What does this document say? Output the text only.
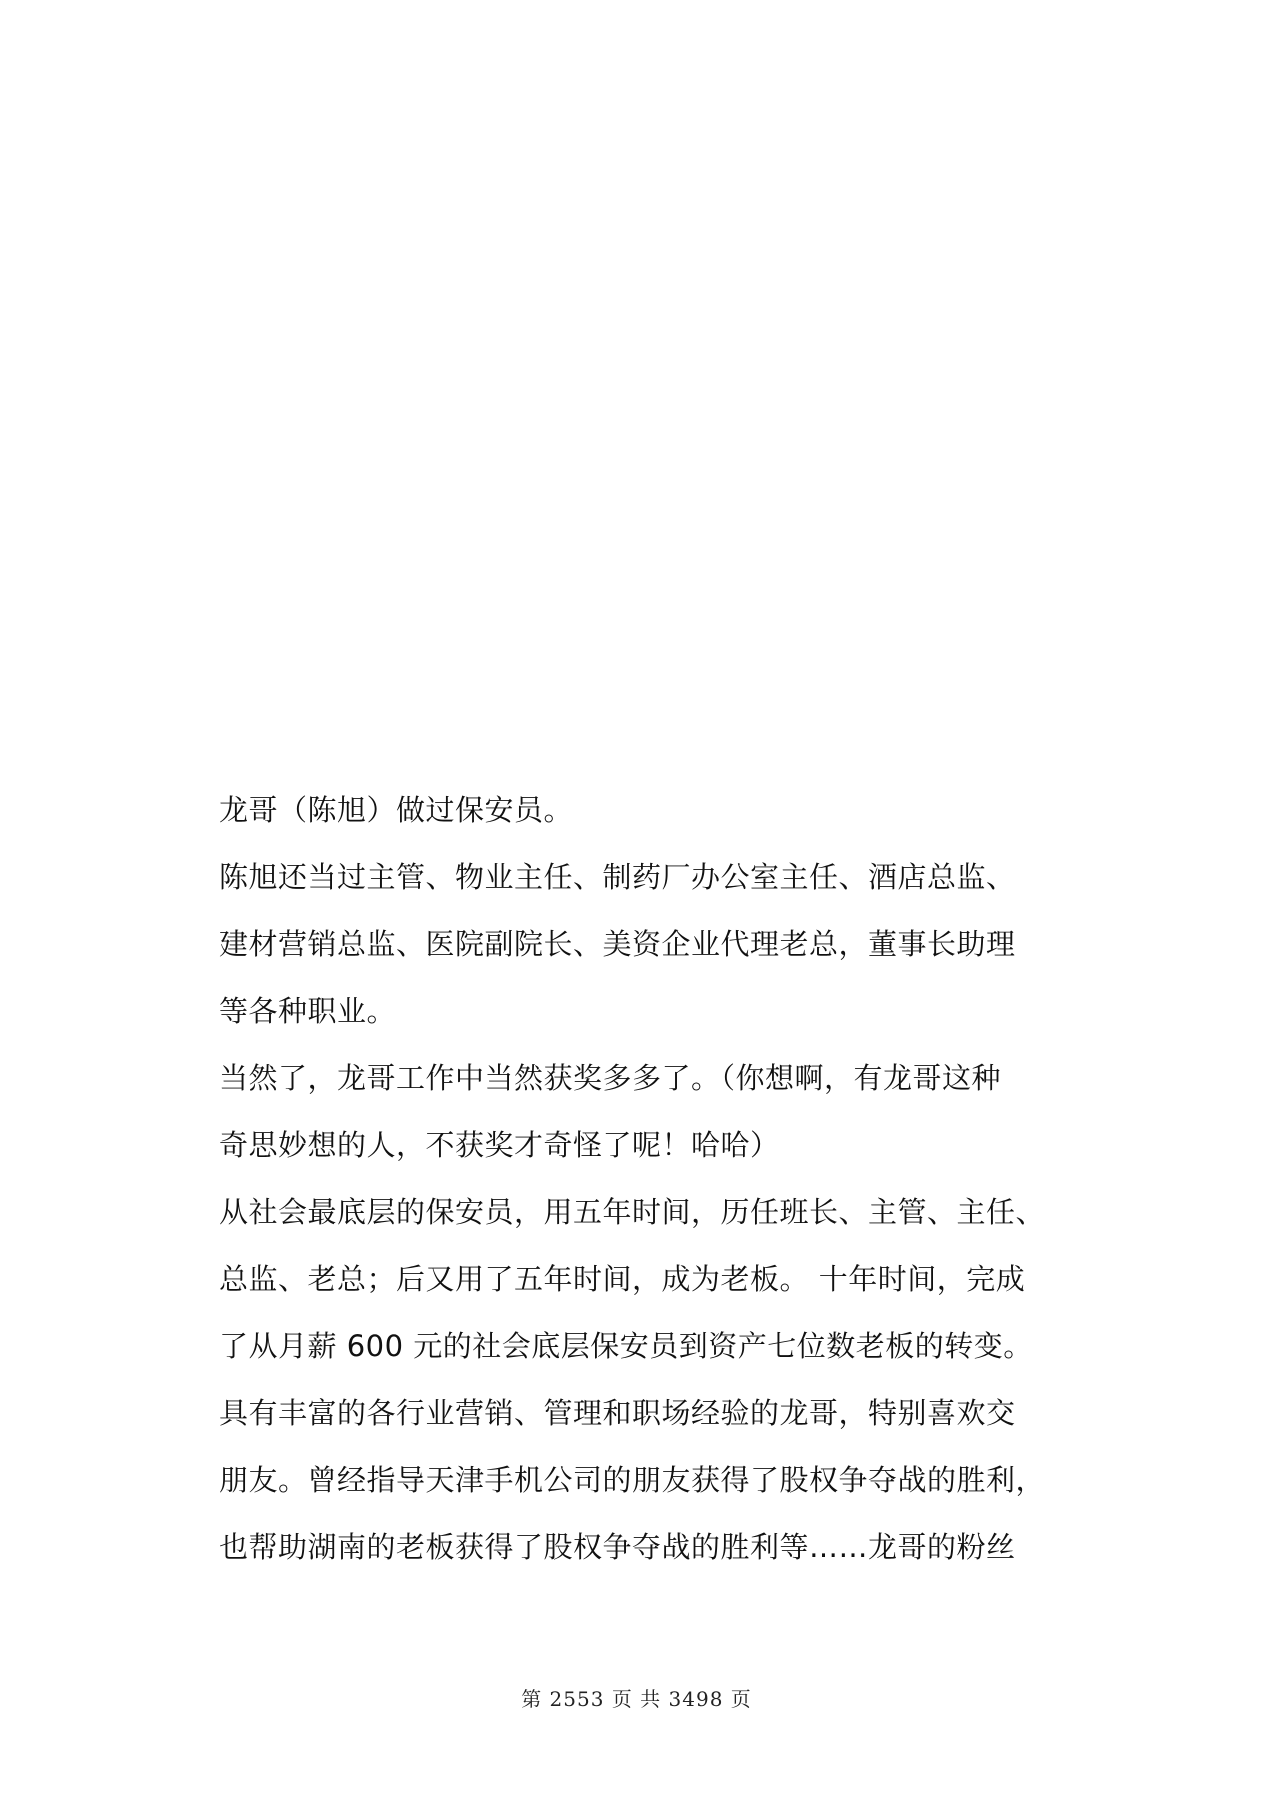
龙哥（陈旭）做过保安员。

陈旭还当过主管、物业主任、制药厂办公室主任、酒店总监、

建材营销总监、医院副院长、美资企业代理老总，董事长助理

等各种职业。

当然了，龙哥工作中当然获奖多多了。（你想啊，有龙哥这种

奇思妙想的人，不获奖才奇怪了呢！哈哈）

从社会最底层的保安员，用五年时间，历任班长、主管、主任、

总监、老总；后又用了五年时间，成为老板。 十年时间，完成

了从月薪 600 元的社会底层保安员到资产七位数老板的转变。

具有丰富的各行业营销、管理和职场经验的龙哥，特别喜欢交

朋友。曾经指导天津手机公司的朋友获得了股权争夺战的胜利，

也帮助湖南的老板获得了股权争夺战的胜利等……龙哥的粉丝

第 2553 页 共 3498 页
